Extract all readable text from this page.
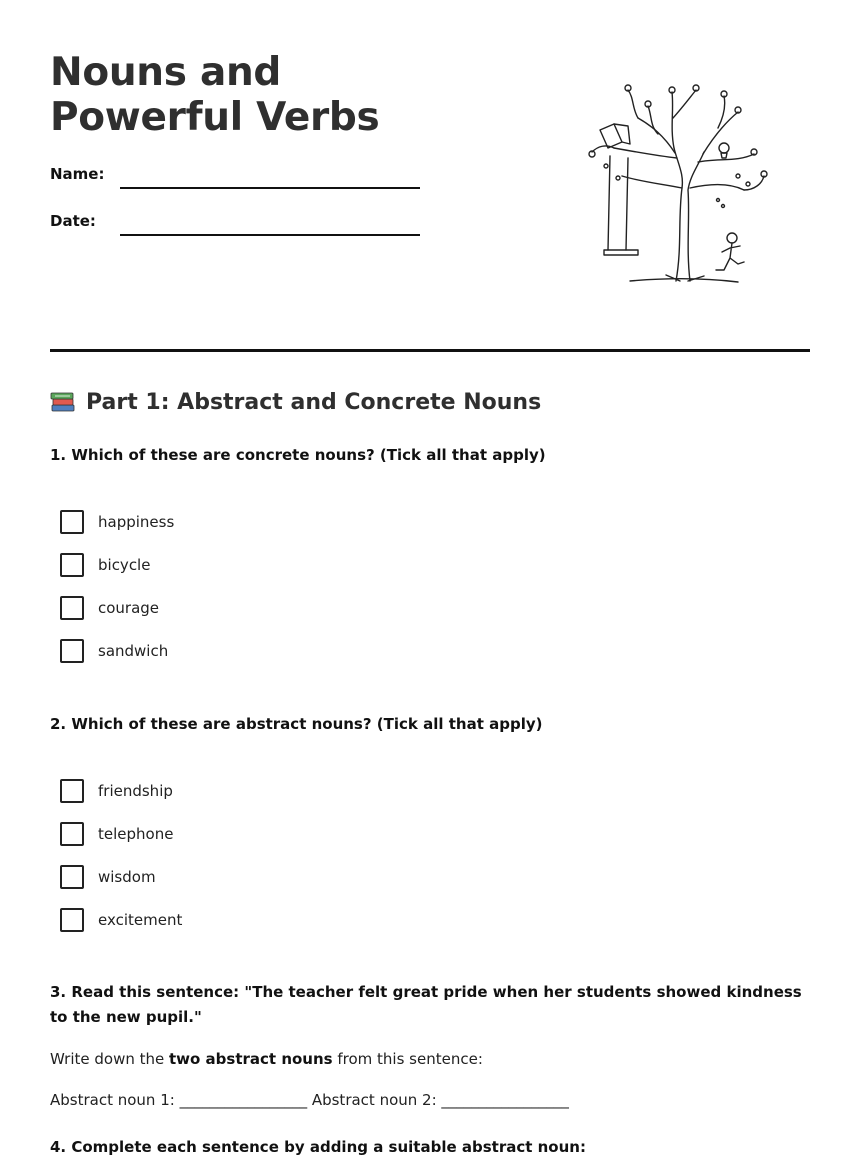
Nouns and Powerful Verbs
Name:
Date:
Part 1: Abstract and Concrete Nouns

1. Which of these are concrete nouns? (Tick all that apply)

happiness
bicycle
courage
sandwich

2. Which of these are abstract nouns? (Tick all that apply)

friendship
telephone
wisdom
excitement

3. Read this sentence: "The teacher felt great pride when her students showed kindness to the new pupil."

Write down the two abstract nouns from this sentence:

Abstract noun 1: _________________ Abstract noun 2: _________________

4. Complete each sentence by adding a suitable abstract noun:
